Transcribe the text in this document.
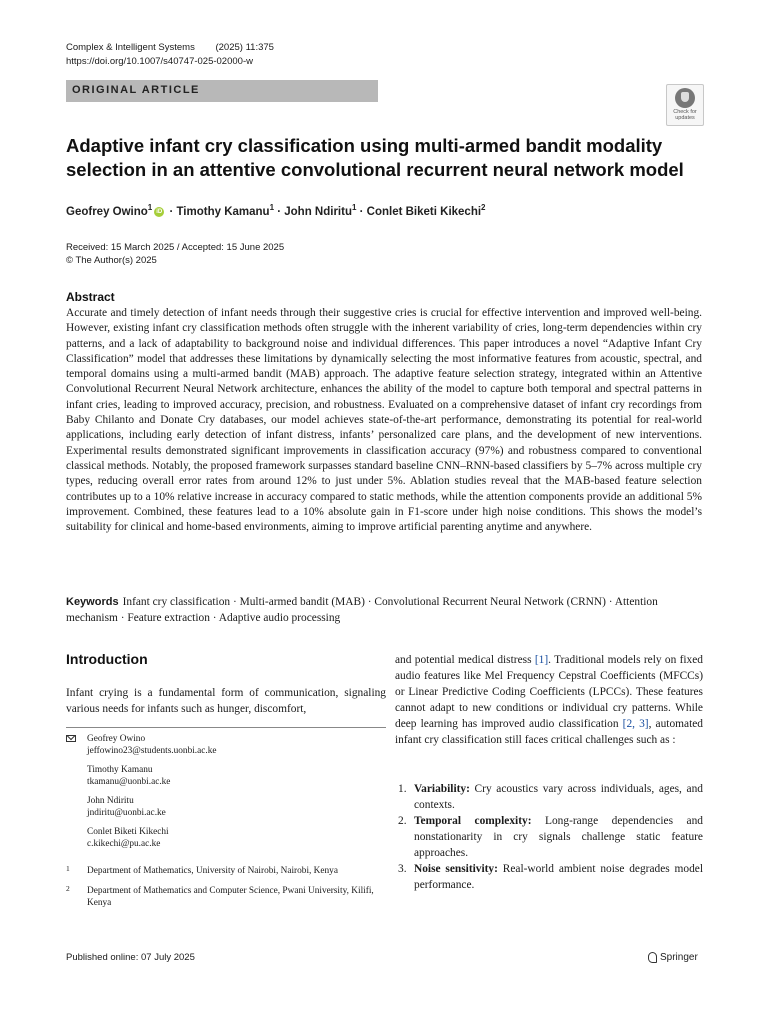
Complex & Intelligent Systems (2025) 11:375
https://doi.org/10.1007/s40747-025-02000-w
ORIGINAL ARTICLE
Check for
updates
Adaptive infant cry classification using multi-armed bandit modality selection in an attentive convolutional recurrent neural network model
Geofrey Owino$^1$ iD · Timothy Kamanu$^1$ · John Ndiritu$^1$ · Conlet Biketi Kikechi$^2$
Received: 15 March 2025 / Accepted: 15 June 2025
© The Author(s) 2025
Abstract
Accurate and timely detection of infant needs through their suggestive cries is crucial for effective intervention and improved well-being. However, existing infant cry classification methods often struggle with the inherent variability of cries, long-term dependencies within cry patterns, and a lack of adaptability to background noise and individual differences. This paper introduces a novel “Adaptive Infant Cry Classification” model that addresses these limitations by dynamically selecting the most informative features from acoustic, spectral, and temporal domains using a multi-armed bandit (MAB) approach. The adaptive feature selection strategy, integrated within an Attentive Convolutional Recurrent Neural Network architecture, enhances the ability of the model to capture both temporal and spectral patterns in infant cries, leading to improved accuracy, precision, and robustness. Evaluated on a comprehensive dataset of infant cry recordings from Baby Chilanto and Donate Cry databases, our model achieves state-of-the-art performance, demonstrating its potential for real-world applications, including early detection of infant distress, infants’ personalized care plans, and the development of new interventions. Experimental results demonstrated significant improvements in classification accuracy (97%) and robustness compared to conventional classical methods. Notably, the proposed framework surpasses standard baseline CNN–RNN-based classifiers by 5–7% across multiple cry types, reducing overall error rates from around 12% to just under 5%. Ablation studies reveal that the MAB-based feature selection contributes up to a 10% relative increase in accuracy compared to static methods, while the attention components provide an additional 5% improvement. Combined, these features lead to a 10% absolute gain in F1-score under high noise conditions. This shows the model’s suitability for clinical and home-based environments, aiming to improve artificial parenting anytime and anywhere.
Keywords Infant cry classification · Multi-armed bandit (MAB) · Convolutional Recurrent Neural Network (CRNN) · Attention mechanism · Feature extraction · Adaptive audio processing
Introduction
Infant crying is a fundamental form of communication, signaling various needs for infants such as hunger, discomfort,
Geofrey Owino
jeffowino23@students.uonbi.ac.ke
Timothy Kamanu
tkamanu@uonbi.ac.ke
John Ndiritu
jndiritu@uonbi.ac.ke
Conlet Biketi Kikechi
c.kikechi@pu.ac.ke
1 Department of Mathematics, University of Nairobi, Nairobi, Kenya
2 Department of Mathematics and Computer Science, Pwani University, Kilifi, Kenya
and potential medical distress [1]. Traditional models rely on fixed audio features like Mel Frequency Cepstral Coefficients (MFCCs) or Linear Predictive Coding Coefficients (LPCCs). These features cannot adapt to new conditions or individual cry patterns. While deep learning has improved audio classification [2, 3], automated infant cry classification still faces critical challenges such as :
1. Variability: Cry acoustics vary across individuals, ages, and contexts.
2. Temporal complexity: Long-range dependencies and nonstationarity in cry signals challenge static feature approaches.
3. Noise sensitivity: Real-world ambient noise degrades model performance.
Published online: 07 July 2025	Springer
